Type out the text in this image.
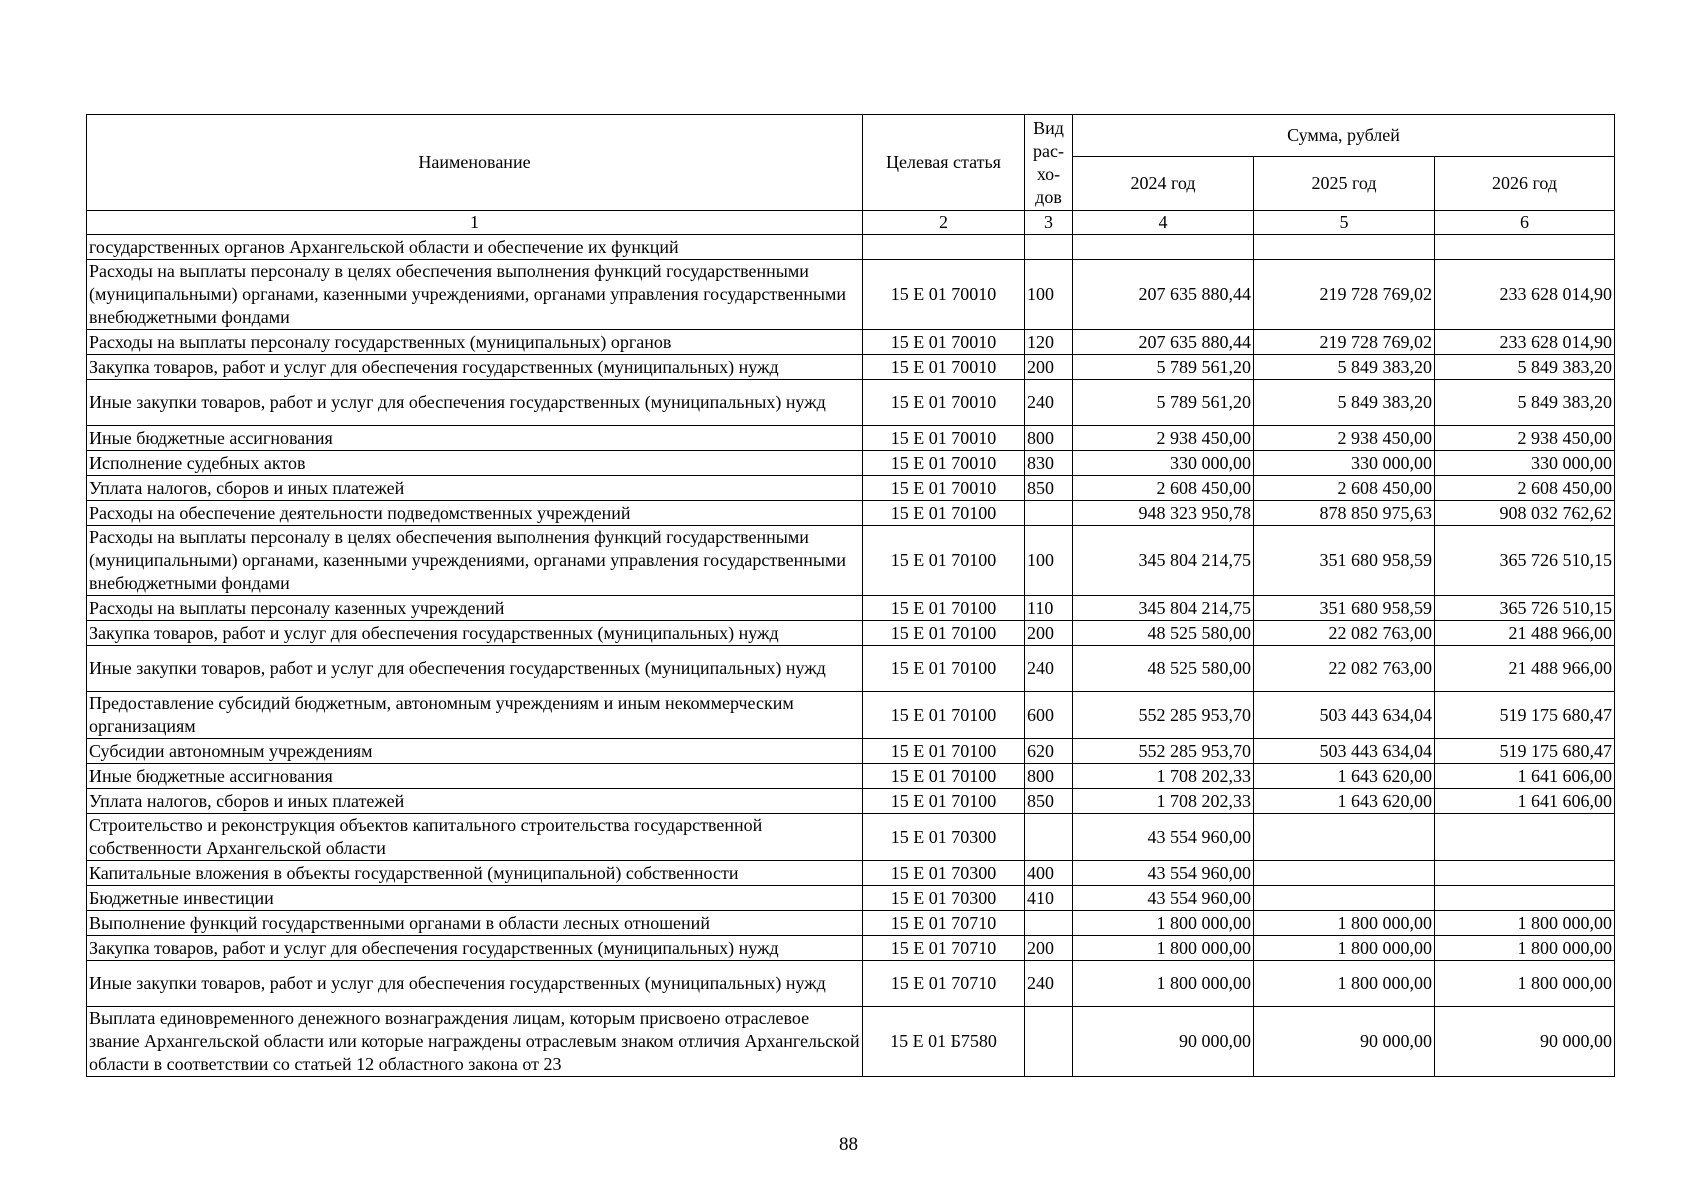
Наименование	Целевая статья	Вид рас-хо-дов	Сумма, рублей		
			2024 год	2025 год	2026 год
1	2	3	4	5	6
государственных органов Архангельской области и обеспечение их функций					
Расходы на выплаты персоналу в целях обеспечения выполнения функций государственными (муниципальными) органами, казенными учреждениями, органами управления государственными внебюджетными фондами	15 Е 01 70010	100	207 635 880,44	219 728 769,02	233 628 014,90
Расходы на выплаты персоналу государственных (муниципальных) органов	15 Е 01 70010	120	207 635 880,44	219 728 769,02	233 628 014,90
Закупка товаров, работ и услуг для обеспечения государственных (муниципальных) нужд	15 Е 01 70010	200	5 789 561,20	5 849 383,20	5 849 383,20
Иные закупки товаров, работ и услуг для обеспечения государственных (муниципальных) нужд	15 Е 01 70010	240	5 789 561,20	5 849 383,20	5 849 383,20
Иные бюджетные ассигнования	15 Е 01 70010	800	2 938 450,00	2 938 450,00	2 938 450,00
Исполнение судебных актов	15 Е 01 70010	830	330 000,00	330 000,00	330 000,00
Уплата налогов, сборов и иных платежей	15 Е 01 70010	850	2 608 450,00	2 608 450,00	2 608 450,00
Расходы на обеспечение деятельности подведомственных учреждений	15 Е 01 70100		948 323 950,78	878 850 975,63	908 032 762,62
Расходы на выплаты персоналу в целях обеспечения выполнения функций государственными (муниципальными) органами, казенными учреждениями, органами управления государственными внебюджетными фондами	15 Е 01 70100	100	345 804 214,75	351 680 958,59	365 726 510,15
Расходы на выплаты персоналу казенных учреждений	15 Е 01 70100	110	345 804 214,75	351 680 958,59	365 726 510,15
Закупка товаров, работ и услуг для обеспечения государственных (муниципальных) нужд	15 Е 01 70100	200	48 525 580,00	22 082 763,00	21 488 966,00
Иные закупки товаров, работ и услуг для обеспечения государственных (муниципальных) нужд	15 Е 01 70100	240	48 525 580,00	22 082 763,00	21 488 966,00
Предоставление субсидий бюджетным, автономным учреждениям и иным некоммерческим организациям	15 Е 01 70100	600	552 285 953,70	503 443 634,04	519 175 680,47
Субсидии автономным учреждениям	15 Е 01 70100	620	552 285 953,70	503 443 634,04	519 175 680,47
Иные бюджетные ассигнования	15 Е 01 70100	800	1 708 202,33	1 643 620,00	1 641 606,00
Уплата налогов, сборов и иных платежей	15 Е 01 70100	850	1 708 202,33	1 643 620,00	1 641 606,00
Строительство и реконструкция объектов капитального строительства государственной собственности Архангельской области	15 Е 01 70300		43 554 960,00		
Капитальные вложения в объекты государственной (муниципальной) собственности	15 Е 01 70300	400	43 554 960,00		
Бюджетные инвестиции	15 Е 01 70300	410	43 554 960,00		
Выполнение функций государственными органами в области лесных отношений	15 Е 01 70710		1 800 000,00	1 800 000,00	1 800 000,00
Закупка товаров, работ и услуг для обеспечения государственных (муниципальных) нужд	15 Е 01 70710	200	1 800 000,00	1 800 000,00	1 800 000,00
Иные закупки товаров, работ и услуг для обеспечения государственных (муниципальных) нужд	15 Е 01 70710	240	1 800 000,00	1 800 000,00	1 800 000,00
Выплата единовременного денежного вознаграждения лицам, которым присвоено отраслевое звание Архангельской области или которые награждены отраслевым знаком отличия Архангельской области в соответствии со статьей 12 областного закона от 23	15 Е 01 Б7580		90 000,00	90 000,00	90 000,00
88
